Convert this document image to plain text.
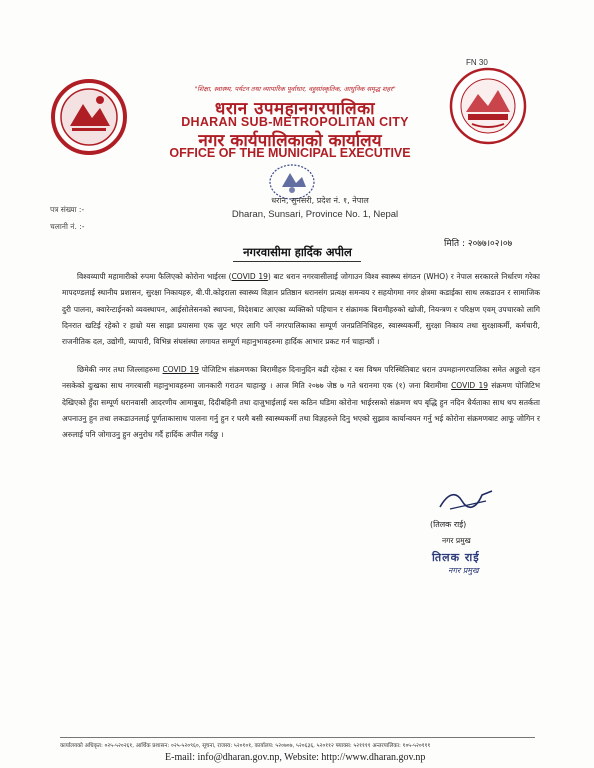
FN 30
"शिक्षा, स्वास्थ्य, पर्यटन तथा व्यापारिक पूर्वाधार, वहुसांस्कृतिक, आधुनिक समृद्ध शहर"
धरान उपमहानगरपालिका
DHARAN SUB-METROPOLITAN CITY
नगर कार्यपालिकाको कार्यालय
OFFICE OF THE MUNICIPAL EXECUTIVE
धरान, सुनसरी, प्रदेश नं. १, नेपाल
Dharan, Sunsari, Province No. 1, Nepal
पत्र संख्या :-
चलानी नं. :-
मिति : २०७७।०२।०७
नगरवासीमा हार्दिक अपील
  विश्वव्यापी महामारीको रुपमा फैलिएको कोरोना भाईरस (COVID 19) बाट धरान नगरवासीलाई जोगाउन विश्व स्वास्थ्य संगठन (WHO) र नेपाल सरकारले निर्धारण गरेका मापदण्डलाई स्थानीय प्रशासन, सुरक्षा निकायहरु, बी.पी.कोइराला स्वास्थ्य विज्ञान प्रतिष्ठान धरानसंग प्रत्यक्ष समन्वय र सहयोगमा नगर क्षेत्रमा कडाईका साथ लकडाउन र सामाजिक दुरी पालना, क्वारेन्टाईनको व्यवस्थापन, आईसोलेसनको स्थापना, विदेशबाट आएका व्यक्तिको पहिचान र संक्रामक बिरामीहरुको खोजी, नियन्त्रण र परिक्षण एवम् उपचारको लागि दिनरात खटिई रहेको र हाम्रो यस साझा प्रयासमा एक जुट भएर लागि पर्ने नगरपालिकाका सम्पूर्ण जनप्रतिनिधिहरु, स्वास्थ्यकर्मी, सुरक्षा निकाय तथा सुरक्षाकर्मी, कर्मचारी, राजनीतिक दल, उद्योगी, व्यापारी, विभिन्न संघसंस्था लगायत सम्पूर्ण महानुभावहरुमा हार्दिक आभार प्रकट गर्न चाहान्छौं ।
  छिमेकी नगर तथा जिल्लाहरुमा COVID 19 पोजिटिभ संक्रमणका बिरामीहरु दिनानुदिन बढी रहेका र यस विषम परिस्थितिबाट धरान उपमहानगरपालिका समेत अछुतो रहन नसकेको दुःखका साथ नगरबासी महानुभावहरुमा जानकारी गराउन चाहान्छु । आज मिति २०७७ जेष्ठ ७ गते धरानमा एक (१) जना बिरामीमा COVID 19 संक्रमण पोजिटिभ देखिएको हुँदा सम्पूर्ण धरानवासी आदरणीय आमाबुवा, दिदीबहिनी तथा दाजुभाईलाई यस कठिन घडिमा कोरोना भाईरसको संक्रमण थप बृद्धि हुन नदिन धैर्यताका साथ थप सतर्कता अपनाउनु हुन तथा लकडाउनलाई पूर्णताकासाथ पालना गर्नु हुन र घरमै बसी स्वास्थ्यकर्मी तथा विज्ञहरुले दिनु भएको सुझाव कार्यान्वयन गर्नु भई कोरोना संक्रमणबाट आफू जोगिन र अरुलाई पनि जोगाउनु हुन अनुरोध गर्दै हार्दिक अपील गर्दछु ।
(तिलक राई)
नगर प्रमुख
तिलक राई
नगर प्रमुख
कार्यालयको अधिकृत: ०२५-५२०२६१, आर्थिक प्रशासन: ०२५-५२०९६०, सूचना, राजस्व: ५२०१०१, कार्यालय: ५२०७०७, ५२०६३६, ५२०११२ फ्याक्स: ५२११११ अन्तरपालिका: १०५-५२०१११
E-mail: info@dharan.gov.np, Website: http://www.dharan.gov.np
